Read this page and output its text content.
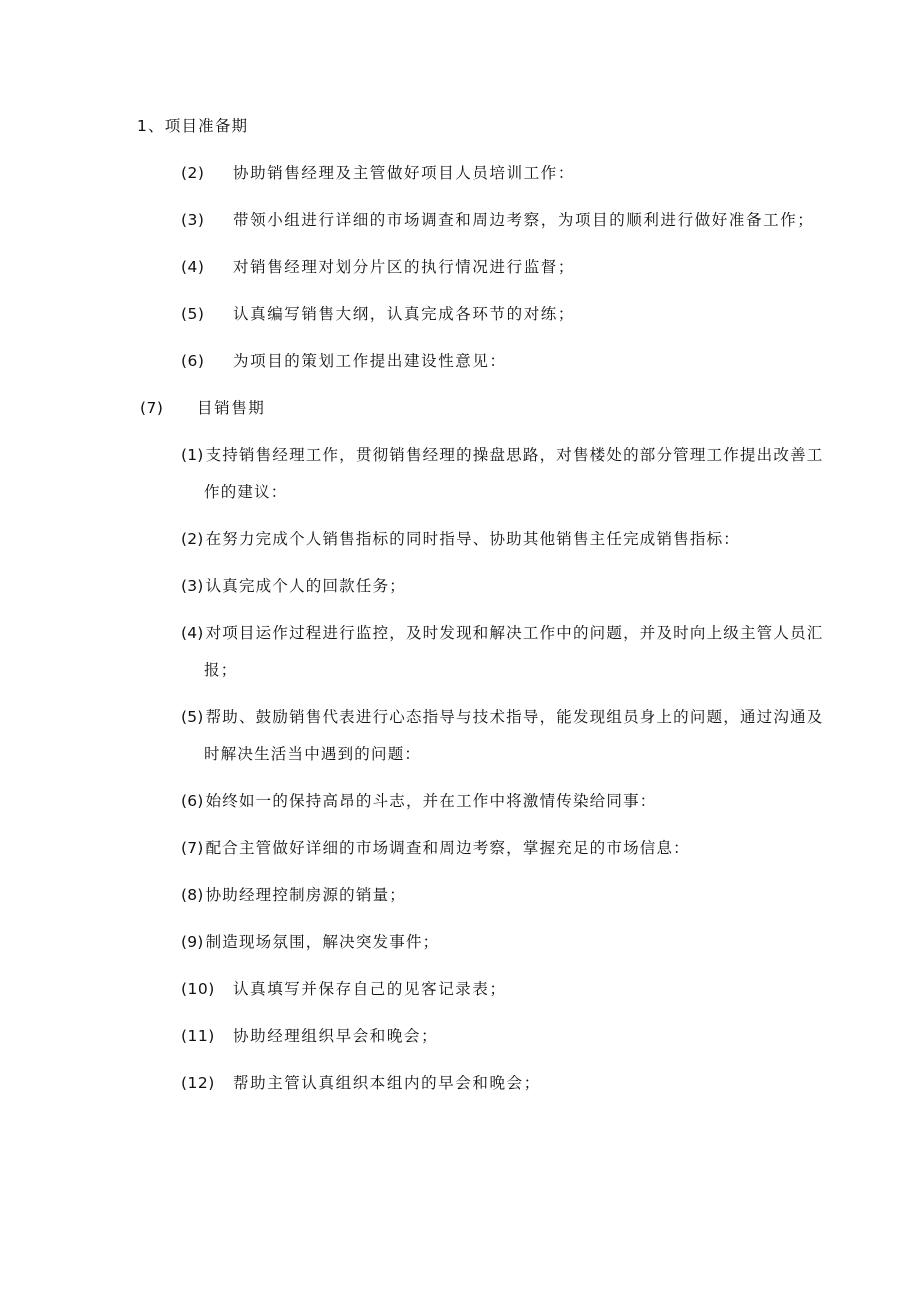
1、项目准备期
(2) 协助销售经理及主管做好项目人员培训工作：
(3) 带领小组进行详细的市场调查和周边考察，为项目的顺利进行做好准备工作；
(4) 对销售经理对划分片区的执行情况进行监督；
(5) 认真编写销售大纲，认真完成各环节的对练；
(6) 为项目的策划工作提出建设性意见：
(7) 目销售期
(1) 支持销售经理工作，贯彻销售经理的操盘思路，对售楼处的部分管理工作提出改善工
作的建议：
(2) 在努力完成个人销售指标的同时指导、协助其他销售主任完成销售指标：
(3) 认真完成个人的回款任务；
(4) 对项目运作过程进行监控，及时发现和解决工作中的问题，并及时向上级主管人员汇
报；
(5) 帮助、鼓励销售代表进行心态指导与技术指导，能发现组员身上的问题，通过沟通及
时解决生活当中遇到的问题：
(6) 始终如一的保持高昂的斗志，并在工作中将激情传染给同事：
(7) 配合主管做好详细的市场调查和周边考察，掌握充足的市场信息：
(8) 协助经理控制房源的销量；
(9) 制造现场氛围，解决突发事件；
(10) 认真填写并保存自己的见客记录表；
(11) 协助经理组织早会和晚会；
(12) 帮助主管认真组织本组内的早会和晚会；
